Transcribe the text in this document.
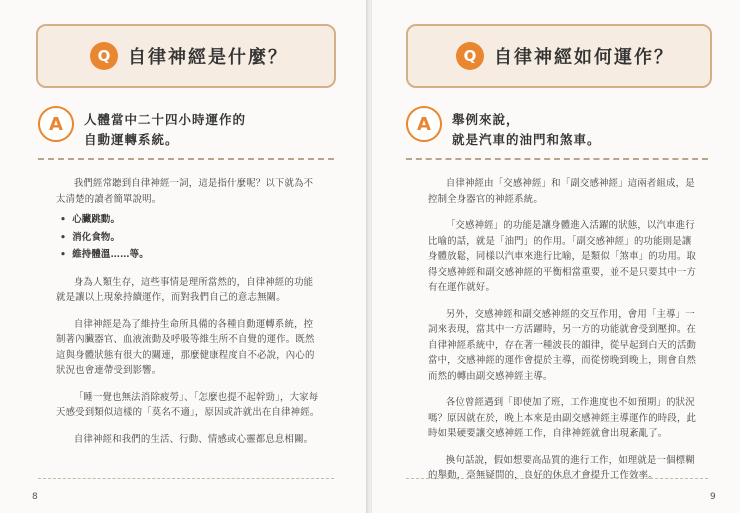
Q 自律神經是什麼？
A	人體當中二十四小時運作的
自動運轉系統。

我們經常聽到自律神經一詞，這是指什麼呢？以下就為不太清楚的讀者簡單說明。

• 心臟跳動。
• 消化食物。
• 維持體溫……等。

身為人類生存，這些事情是理所當然的，自律神經的功能就是讓以上現象持續運作，而對我們自己的意志無關。

自律神經是為了維持生命所具備的各種自動運轉系統，控制著內臟器官、血液流動及呼吸等維生所不自覺的運作。既然這與身體狀態有很大的關連，那麼健康程度自不必說，內心的狀況也會連帶受到影響。

「睡一覺也無法消除疲勞」、「怎麼也提不起幹勁」，大家每天感受到類似這樣的「莫名不適」，原因或許就出在自律神經。

自律神經和我們的生活、行動、情感或心靈都息息相關。

8
Q 自律神經如何運作？
A	舉例來說，
就是汽車的油門和煞車。

自律神經由「交感神經」和「副交感神經」這兩者組成，是控制全身器官的神經系統。

「交感神經」的功能是讓身體進入活躍的狀態，以汽車進行比喻的話，就是「油門」的作用。「副交感神經」的功能則是讓身體放鬆，同樣以汽車來進行比喻，是類似「煞車」的功用。取得交感神經和副交感神經的平衡相當重要，並不是只要其中一方有在運作就好。

另外，交感神經和副交感神經的交互作用，會用「主導」一詞來表現，當其中一方活躍時，另一方的功能就會受到壓抑。在自律神經系統中，存在著一種波長的韻律，從早起到白天的活動當中，交感神經的運作會提於主導，而從傍晚到晚上，則會自然而然的轉由副交感神經主導。

各位曾經遇到「即使加了班，工作進度也不如預期」的狀況嗎？原因就在於，晚上本來是由副交感神經主導運作的時段，此時如果硬要讓交感神經工作，自律神經就會出現紊亂了。

換句話說，假如想要高品質的進行工作，如理就是一個標糊的舉動，毫無疑問的，良好的休息才會提升工作效率。

9
